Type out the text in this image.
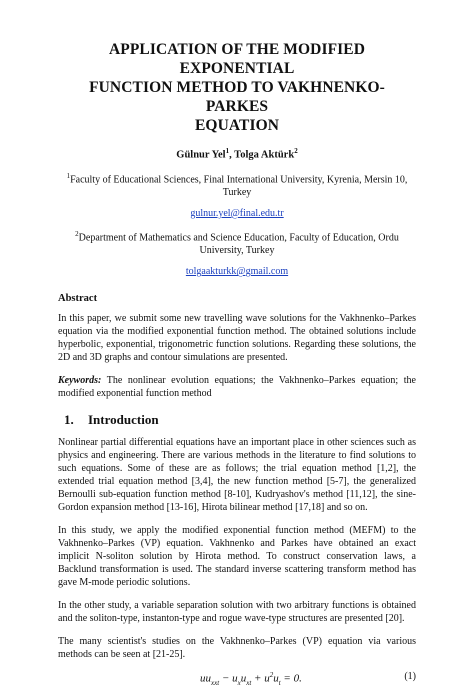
APPLICATION OF THE MODIFIED EXPONENTIAL
FUNCTION METHOD TO VAKHNENKO-PARKES
EQUATION
Gülnur Yel$^1$, Tolga Aktürk$^2$
$^1$Faculty of Educational Sciences, Final International University, Kyrenia, Mersin 10, Turkey
gulnur.yel@final.edu.tr
$^2$Department of Mathematics and Science Education, Faculty of Education, Ordu University, Turkey
tolgaakturkk@gmail.com
Abstract

In this paper, we submit some new travelling wave solutions for the Vakhnenko–Parkes equation via the modified exponential function method. The obtained solutions include hyperbolic, exponential, trigonometric function solutions. Regarding these solutions, the 2D and 3D graphs and contour simulations are presented.

Keywords: The nonlinear evolution equations; the Vakhnenko–Parkes equation; the modified exponential function method

1.	Introduction

Nonlinear partial differential equations have an important place in other sciences such as physics and engineering. There are various methods in the literature to find solutions to such equations. Some of these are as follows; the trial equation method [1,2], the extended trial equation method [3,4], the new function method [5-7], the generalized Bernoulli sub-equation function method [8-10], Kudryashov's method [11,12], the sine-Gordon expansion method [13-16], Hirota bilinear method [17,18] and so on.

In this study, we apply the modified exponential function method (MEFM) to the Vakhnenko–Parkes (VP) equation. Vakhnenko and Parkes have obtained an exact implicit N-soliton solution by Hirota method. To construct conservation laws, a Backlund transformation is used. The standard inverse scattering transform method has gave M-mode periodic solutions.

In the other study, a variable separation solution with two arbitrary functions is obtained and the soliton-type, instanton-type and rogue wave-type structures are presented [20].

The many scientist's studies on the Vakhnenko–Parkes (VP) equation via various methods can be seen at [21-25].

$uu_{xxt} - u_xu_{xt} + u^2u_t = 0$.	(1)
